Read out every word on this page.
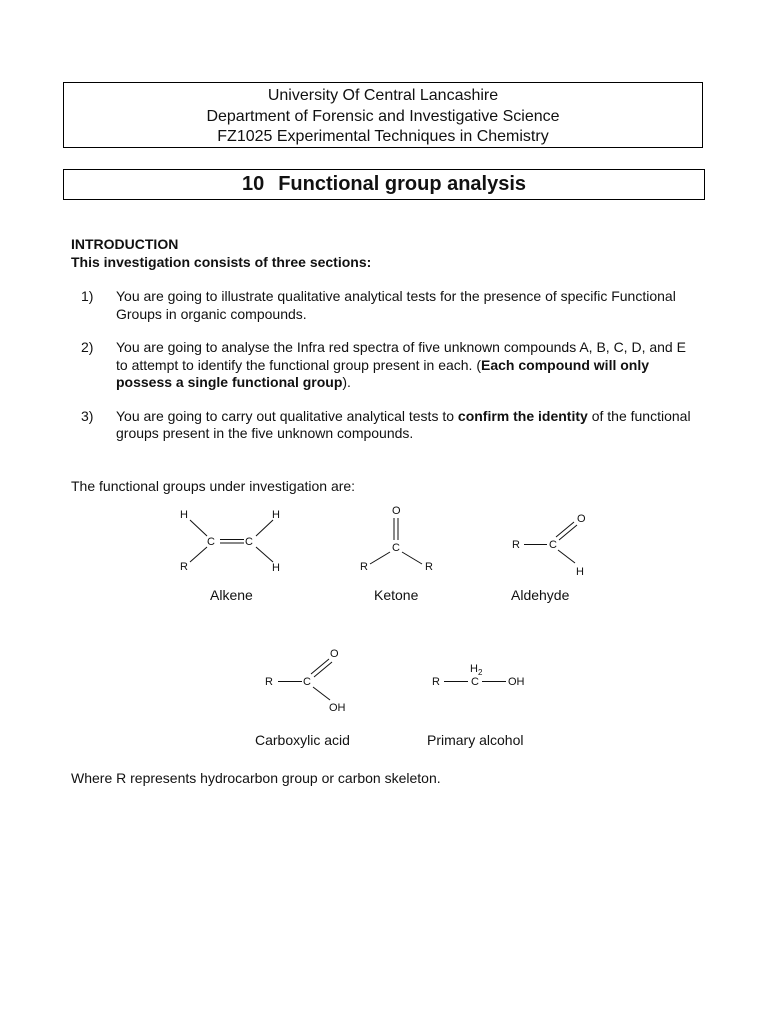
University Of Central Lancashire
Department of Forensic and Investigative Science
FZ1025 Experimental Techniques in Chemistry
10 Functional group analysis
INTRODUCTION
This investigation consists of three sections:
1) You are going to illustrate qualitative analytical tests for the presence of specific Functional Groups in organic compounds.
2) You are going to analyse the Infra red spectra of five unknown compounds A, B, C, D, and E to attempt to identify the functional group present in each. (Each compound will only possess a single functional group).
3) You are going to carry out qualitative analytical tests to confirm the identity of the functional groups present in the five unknown compounds.
The functional groups under investigation are:
H	H
C	C
R	H
Alkene
O
C
R	R
Ketone
R	C
O
H
Aldehyde
R	C
O
OH
Carboxylic acid
R	C
H 2
OH
Primary alcohol
Where R represents hydrocarbon group or carbon skeleton.
